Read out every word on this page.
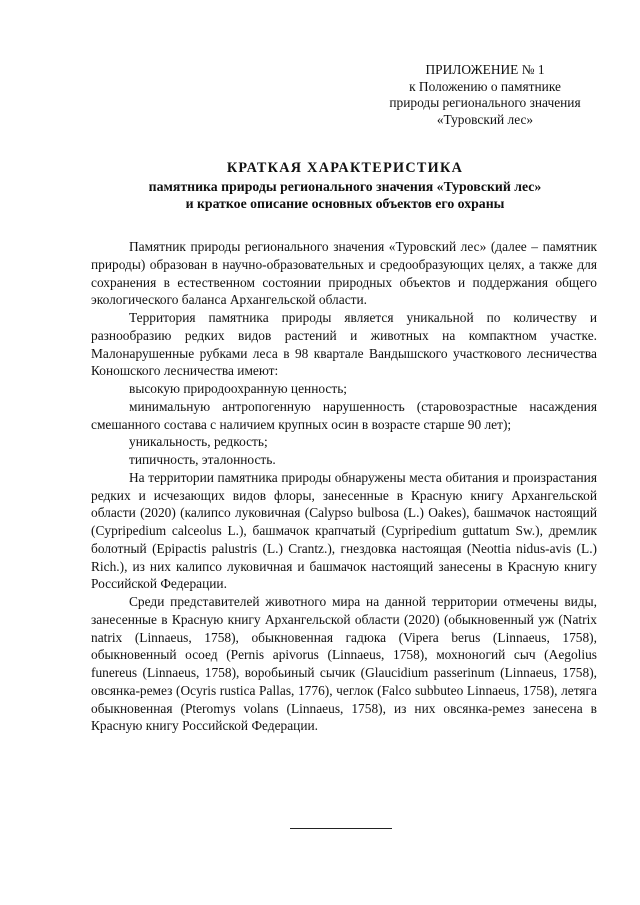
ПРИЛОЖЕНИЕ № 1
к Положению о памятнике
природы регионального значения
«Туровский лес»
КРАТКАЯ ХАРАКТЕРИСТИКА
памятника природы регионального значения «Туровский лес»
и краткое описание основных объектов его охраны

Памятник природы регионального значения «Туровский лес» (далее – памятник природы) образован в научно-образовательных и средообразующих целях, а также для сохранения в естественном состоянии природных объектов и поддержания общего экологического баланса Архангельской области.

Территория памятника природы является уникальной по количеству и разнообразию редких видов растений и животных на компактном участке. Малонарушенные рубками леса в 98 квартале Вандышского участкового лесничества Коношского лесничества имеют:

высокую природоохранную ценность;

минимальную антропогенную нарушенность (старовозрастные насаждения смешанного состава с наличием крупных осин в возрасте старше 90 лет);

уникальность, редкость;

типичность, эталонность.

На территории памятника природы обнаружены места обитания и произрастания редких и исчезающих видов флоры, занесенные в Красную книгу Архангельской области (2020) (калипсо луковичная (Calypso bulbosa (L.) Oakes), башмачок настоящий (Cypripedium calceolus L.), башмачок крапчатый (Cypripedium guttatum Sw.), дремлик болотный (Epipactis palustris (L.) Crantz.), гнездовка настоящая (Neottia nidus-avis (L.) Rich.), из них калипсо луковичная и башмачок настоящий занесены в Красную книгу Российской Федерации.

Среди представителей животного мира на данной территории отмечены виды, занесенные в Красную книгу Архангельской области (2020) (обыкновенный уж (Natrix natrix (Linnaeus, 1758), обыкновенная гадюка (Vipera berus (Linnaeus, 1758), обыкновенный осоед (Pernis apivorus (Linnaeus, 1758), мохноногий сыч (Aegolius funereus (Linnaeus, 1758), воробьиный сычик (Glaucidium passerinum (Linnaeus, 1758), овсянка-ремез (Ocyris rustica Pallas, 1776), чеглок (Falco subbuteo Linnaeus, 1758), летяга обыкновенная (Pteromys volans (Linnaeus, 1758), из них овсянка-ремез занесена в Красную книгу Российской Федерации.
